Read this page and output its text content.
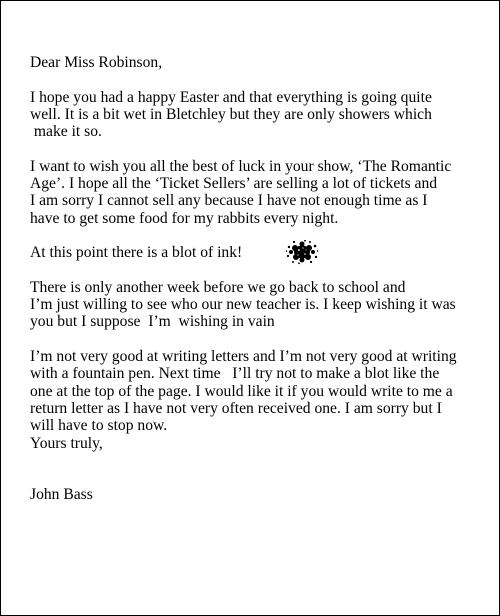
Dear Miss Robinson,
I hope you had a happy Easter and that everything is going quite
well. It is a bit wet in Bletchley but they are only showers which
make it so.
I want to wish you all the best of luck in your show, ‘The Romantic
Age’. I hope all the ‘Ticket Sellers’ are selling a lot of tickets and
I am sorry I cannot sell any because I have not enough time as I
have to get some food for my rabbits every night.
At this point there is a blot of ink!
There is only another week before we go back to school and
I’m just willing to see who our new teacher is. I keep wishing it was
you but I suppose  I’m  wishing in vain
I’m not very good at writing letters and I’m not very good at writing
with a fountain pen. Next time   I’ll try not to make a blot like the
one at the top of the page. I would like it if you would write to me a
return letter as I have not very often received one. I am sorry but I
will have to stop now.
Yours truly,
John Bass
